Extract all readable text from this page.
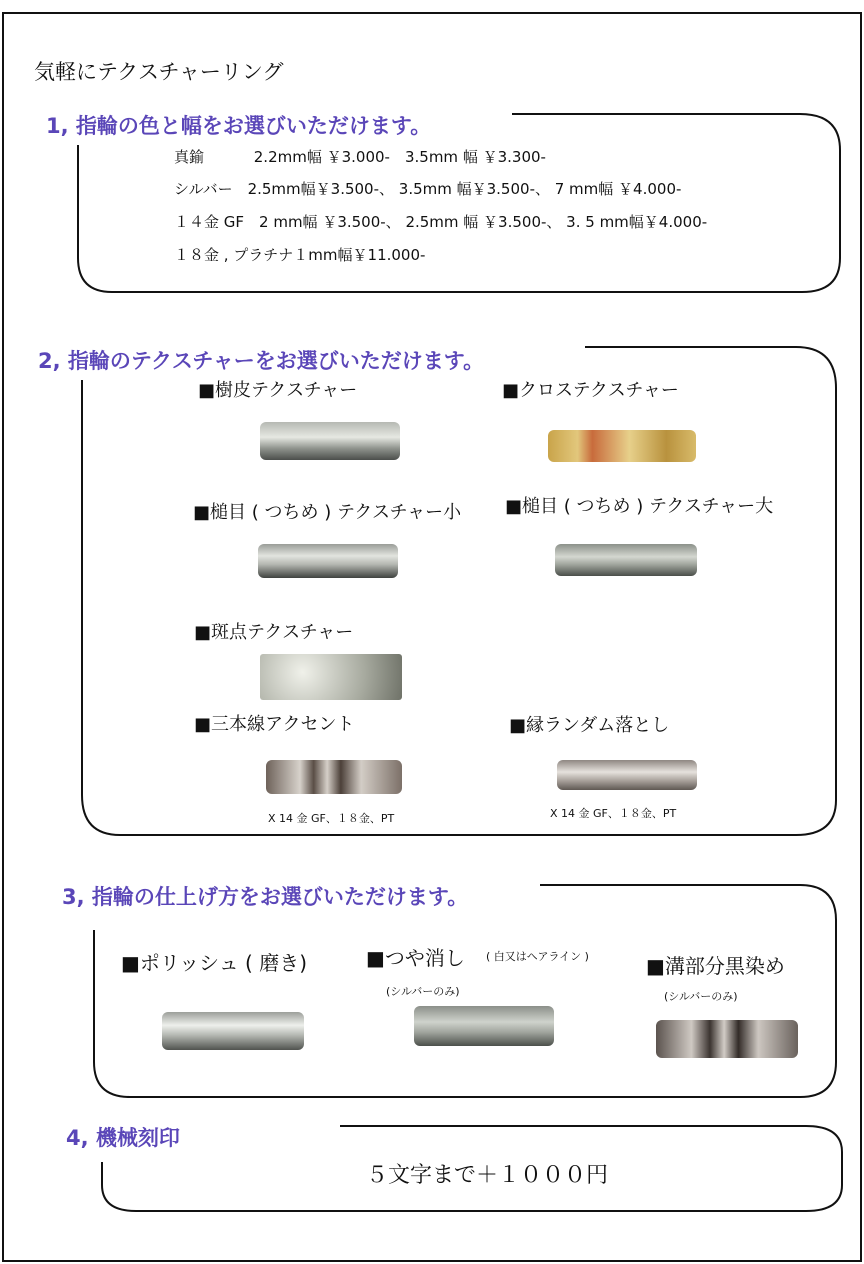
気軽にテクスチャーリング
1, 指輪の色と幅をお選びいただけます。
真鍮 　　　2.2mm幅 ￥3.000-　3.5mm 幅 ￥3.300-
シルバー　2.5mm幅￥3.500-、 3.5mm 幅￥3.500-、 7 mm幅 ￥4.000-
１４金 GF　2 mm幅 ￥3.500-、 2.5mm 幅 ￥3.500-、 3. 5 mm幅￥4.000-
１８金 , プラチナ１mm幅￥11.000-
2, 指輪のテクスチャーをお選びいただけます。
■樹皮テクスチャー	■クロステクスチャー
■槌目 ( つちめ ) テクスチャー小 ■槌目 ( つちめ ) テクスチャー大
■斑点テクスチャー
■三本線アクセント
X 14 金 GF、１８金、PT
■縁ランダム落とし
X 14 金 GF、１８金、PT
3, 指輪の仕上げ方をお選びいただけます。
■ポリッシュ ( 磨き)	■つや消し ( 白又はヘアライン )
(シルバーのみ)
■溝部分黒染め
(シルバーのみ)
4, 機械刻印
５文字まで＋１０００円
